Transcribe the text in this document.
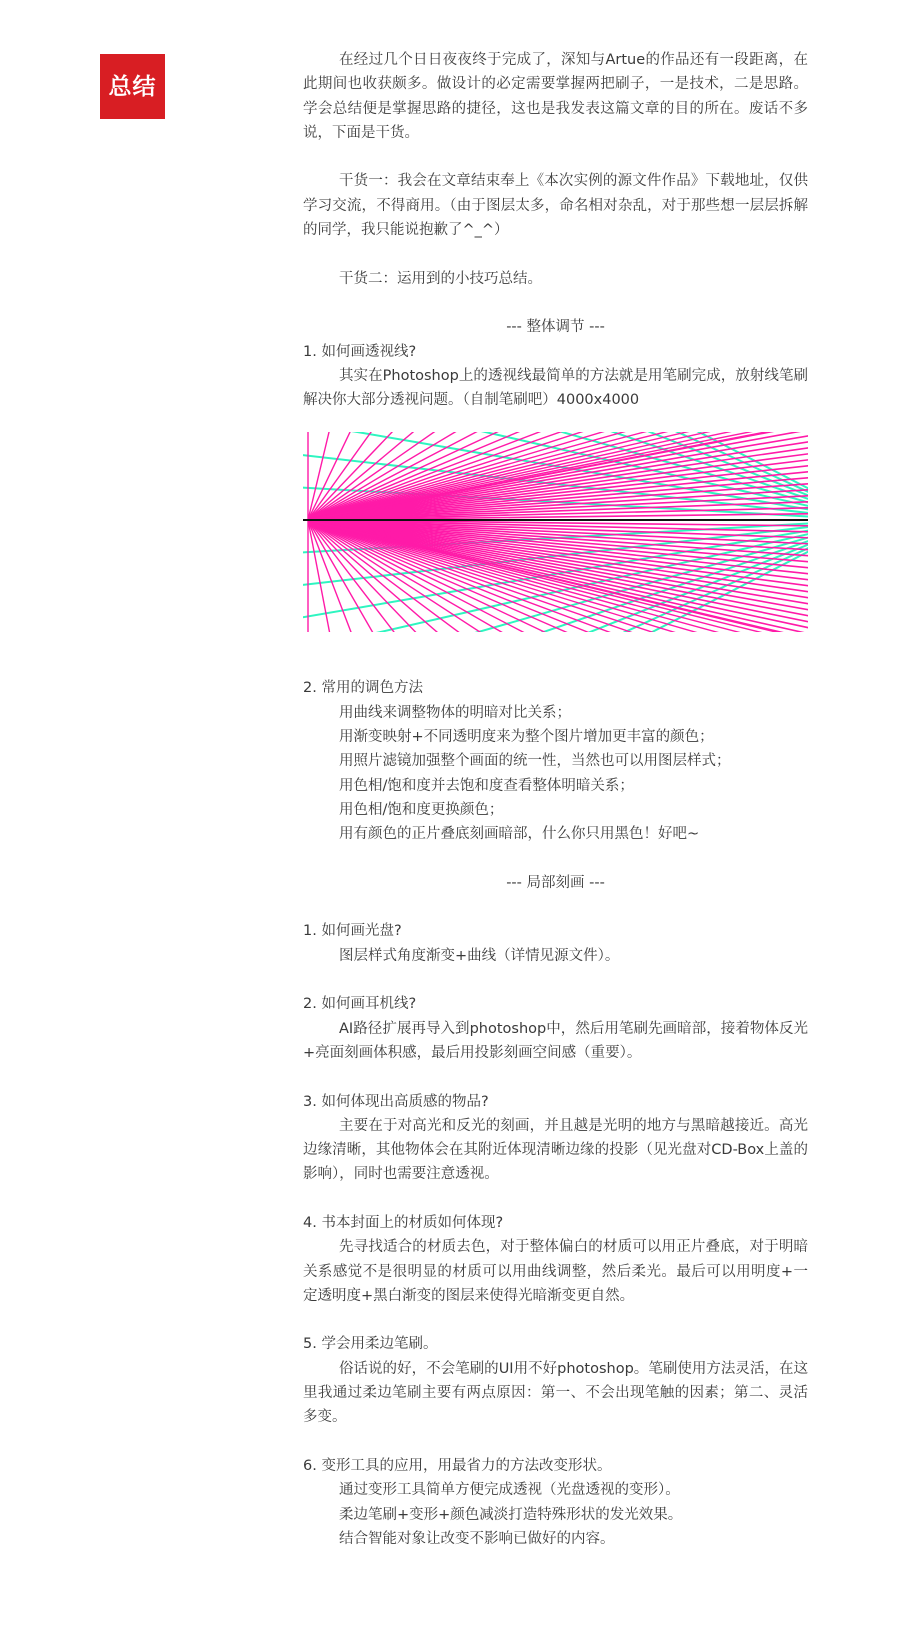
总结

在经过几个日日夜夜终于完成了，深知与Artue的作品还有一段距离，在此期间也收获颇多。做设计的必定需要掌握两把刷子，一是技术，二是思路。学会总结便是掌握思路的捷径，这也是我发表这篇文章的目的所在。废话不多说，下面是干货。

干货一：我会在文章结束奉上《本次实例的源文件作品》下载地址，仅供学习交流，不得商用。（由于图层太多，命名相对杂乱，对于那些想一层层拆解的同学，我只能说抱歉了^_^）

干货二：运用到的小技巧总结。

--- 整体调节 ---

1. 如何画透视线?

其实在Photoshop上的透视线最简单的方法就是用笔刷完成，放射线笔刷解决你大部分透视问题。（自制笔刷吧）4000x4000

2. 常用的调色方法

用曲线来调整物体的明暗对比关系；

用渐变映射+不同透明度来为整个图片增加更丰富的颜色；

用照片滤镜加强整个画面的统一性，当然也可以用图层样式；

用色相/饱和度并去饱和度查看整体明暗关系；

用色相/饱和度更换颜色；

用有颜色的正片叠底刻画暗部，什么你只用黑色！好吧~

--- 局部刻画 ---

1. 如何画光盘?

图层样式角度渐变+曲线（详情见源文件）。

2. 如何画耳机线?

AI路径扩展再导入到photoshop中，然后用笔刷先画暗部，接着物体反光+亮面刻画体积感，最后用投影刻画空间感（重要）。

3. 如何体现出高质感的物品?

主要在于对高光和反光的刻画，并且越是光明的地方与黑暗越接近。高光边缘清晰，其他物体会在其附近体现清晰边缘的投影（见光盘对CD-Box上盖的影响），同时也需要注意透视。

4. 书本封面上的材质如何体现?

先寻找适合的材质去色，对于整体偏白的材质可以用正片叠底，对于明暗关系感觉不是很明显的材质可以用曲线调整，然后柔光。最后可以用明度+一定透明度+黑白渐变的图层来使得光暗渐变更自然。

5. 学会用柔边笔刷。

俗话说的好，不会笔刷的UI用不好photoshop。笔刷使用方法灵活，在这里我通过柔边笔刷主要有两点原因：第一、不会出现笔触的因素；第二、灵活多变。

6. 变形工具的应用，用最省力的方法改变形状。

通过变形工具简单方便完成透视（光盘透视的变形）。

柔边笔刷+变形+颜色减淡打造特殊形状的发光效果。

结合智能对象让改变不影响已做好的内容。
